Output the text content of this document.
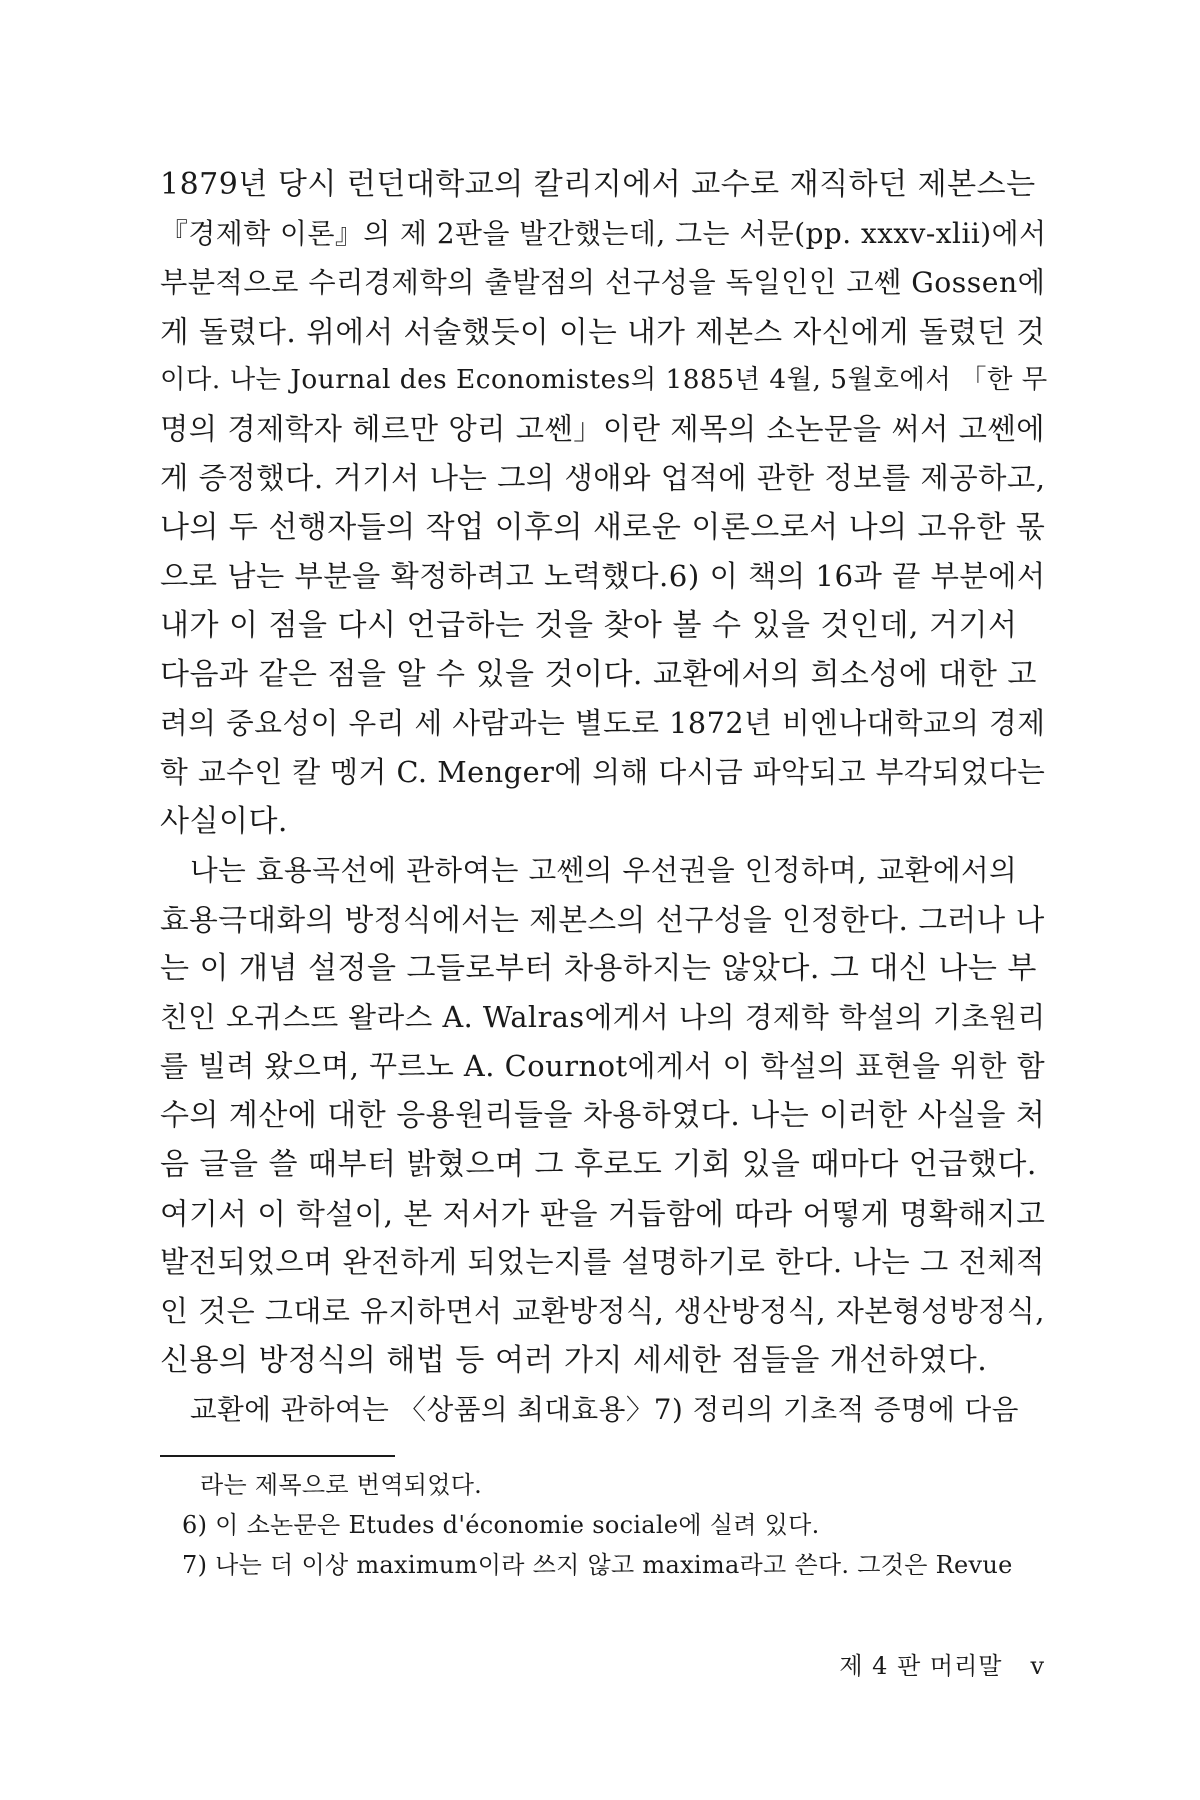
1879년 당시 런던대학교의 칼리지에서 교수로 재직하던 제본스는
『경제학 이론』의 제 2판을 발간했는데, 그는 서문(pp. xxxv-xlii)에서
부분적으로 수리경제학의 출발점의 선구성을 독일인인 고쎈 Gossen에
게 돌렸다. 위에서 서술했듯이 이는 내가 제본스 자신에게 돌렸던 것
이다. 나는 Journal des Economistes의 1885년 4월, 5월호에서 「한 무
명의 경제학자 헤르만 앙리 고쎈」이란 제목의 소논문을 써서 고쎈에
게 증정했다. 거기서 나는 그의 생애와 업적에 관한 정보를 제공하고,
나의 두 선행자들의 작업 이후의 새로운 이론으로서 나의 고유한 몫
으로 남는 부분을 확정하려고 노력했다.6) 이 책의 16과 끝 부분에서
내가 이 점을 다시 언급하는 것을 찾아 볼 수 있을 것인데, 거기서
다음과 같은 점을 알 수 있을 것이다. 교환에서의 희소성에 대한 고
려의 중요성이 우리 세 사람과는 별도로 1872년 비엔나대학교의 경제
학 교수인 칼 멩거 C. Menger에 의해 다시금 파악되고 부각되었다는
사실이다.

나는 효용곡선에 관하여는 고쎈의 우선권을 인정하며, 교환에서의
효용극대화의 방정식에서는 제본스의 선구성을 인정한다. 그러나 나
는 이 개념 설정을 그들로부터 차용하지는 않았다. 그 대신 나는 부
친인 오귀스뜨 왈라스 A. Walras에게서 나의 경제학 학설의 기초원리
를 빌려 왔으며, 꾸르노 A. Cournot에게서 이 학설의 표현을 위한 함
수의 계산에 대한 응용원리들을 차용하였다. 나는 이러한 사실을 처
음 글을 쓸 때부터 밝혔으며 그 후로도 기회 있을 때마다 언급했다.
여기서 이 학설이, 본 저서가 판을 거듭함에 따라 어떻게 명확해지고
발전되었으며 완전하게 되었는지를 설명하기로 한다. 나는 그 전체적
인 것은 그대로 유지하면서 교환방정식, 생산방정식, 자본형성방정식,
신용의 방정식의 해법 등 여러 가지 세세한 점들을 개선하였다.

교환에 관하여는 〈상품의 최대효용〉7) 정리의 기초적 증명에 다음

라는 제목으로 번역되었다.

6) 이 소논문은 Etudes d'économie sociale에 실려 있다.

7) 나는 더 이상 maximum이라 쓰지 않고 maxima라고 쓴다. 그것은 Revue

제 4 판 머리말 v
